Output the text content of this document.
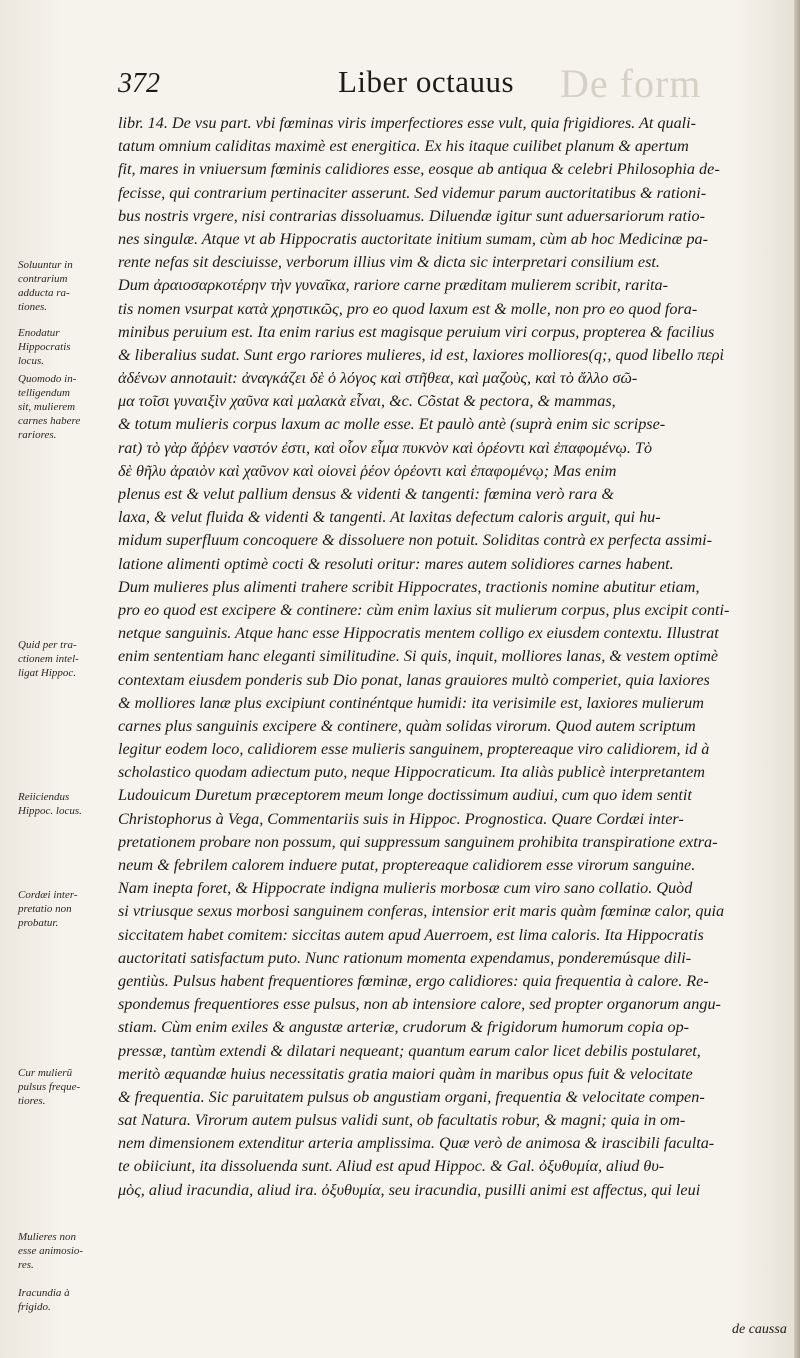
De form
372	Liber octauus
Soluuntur in
contrarium
adducta ra-
tiones.
Enodatur
Hippocratis
locus.
Quomodo in-
telligendum
sit, mulierem
carnes habere
rariores.
Quid per tra-
ctionem intel-
ligat Hippoc.
Reiiciendus
Hippoc. locus.
Cordæi inter-
pretatio non
probatur.
Cur mulierũ
pulsus freque-
tiores.
Mulieres non
esse animosio-
res.
Iracundia à
frigido.
libr. 14. De vsu part. vbi fœminas viris imperfectiores esse vult, quia frigidiores. At quali-
tatum omnium caliditas maximè est energitica. Ex his itaque cuilibet planum & apertum
fit, mares in vniuersum fœminis calidiores esse, eosque ab antiqua & celebri Philosophia de-
fecisse, qui contrarium pertinaciter asserunt. Sed videmur parum auctoritatibus & rationi-
bus nostris vrgere, nisi contrarias dissoluamus. Diluendæ igitur sunt aduersariorum ratio-
nes singulæ. Atque vt ab Hippocratis auctoritate initium sumam, cùm ab hoc Medicinæ pa-
rente nefas sit desciuisse, verborum illius vim & dicta sic interpretari consilium est.
Dum ἀραιοσαρκοτέρην τὴν γυναῖκα, rariore carne præditam mulierem scribit, rarita-
tis nomen vsurpat κατὰ χρηστικῶς, pro eo quod laxum est & molle, non pro eo quod fora-
minibus peruium est. Ita enim rarius est magisque peruium viri corpus, propterea & facilius
& liberalius sudat. Sunt ergo rariores mulieres, id est, laxiores molliores(q;, quod libello περὶ
ἀδένων annotauit: ἀναγκάζει δὲ ὁ λόγος καὶ στῆθεα, καὶ μαζοὺς, καὶ τὸ ἄλλο σῶ-
μα τοῖσι γυναιξὶν χαῦνα καὶ μαλακὰ εἶναι, &c. Cõstat & pectora, & mammas,
& totum mulieris corpus laxum ac molle esse. Et paulò antè (suprà enim sic scripse-
rat) τὸ γὰρ ἄῤῥεν ναστόν ἐστι, καὶ οἷον εἶμα πυκνὸν καὶ ὁρέοντι καὶ ἐπαφομένῳ. Τὸ
δὲ θῆλυ ἀραιὸν καὶ χαῦνον καὶ οἱονεὶ ῥέον ὁρέοντι καὶ ἐπαφομένῳ; Mas enim
plenus est & velut pallium densus & videnti & tangenti: fœmina verò rara &
laxa, & velut fluida & videnti & tangenti. At laxitas defectum caloris arguit, qui hu-
midum superfluum concoquere & dissoluere non potuit. Soliditas contrà ex perfecta assimi-
latione alimenti optimè cocti & resoluti oritur: mares autem solidiores carnes habent.
Dum mulieres plus alimenti trahere scribit Hippocrates, tractionis nomine abutitur etiam,
pro eo quod est excipere & continere: cùm enim laxius sit mulierum corpus, plus excipit conti-
netque sanguinis. Atque hanc esse Hippocratis mentem colligo ex eiusdem contextu. Illustrat
enim sententiam hanc eleganti similitudine. Si quis, inquit, molliores lanas, & vestem optimè
contextam eiusdem ponderis sub Dio ponat, lanas grauiores multò comperiet, quia laxiores
& molliores lanæ plus excipiunt continéntque humidi: ita verisimile est, laxiores mulierum
carnes plus sanguinis excipere & continere, quàm solidas virorum. Quod autem scriptum
legitur eodem loco, calidiorem esse mulieris sanguinem, proptereaque viro calidiorem, id à
scholastico quodam adiectum puto, neque Hippocraticum. Ita aliàs publicè interpretantem
Ludouicum Duretum præceptorem meum longe doctissimum audiui, cum quo idem sentit
Christophorus à Vega, Commentariis suis in Hippoc. Prognostica. Quare Cordæi inter-
pretationem probare non possum, qui suppressum sanguinem prohibita transpiratione extra-
neum & febrilem calorem induere putat, proptereaque calidiorem esse virorum sanguine.
Nam inepta foret, & Hippocrate indigna mulieris morbosæ cum viro sano collatio. Quòd
si vtriusque sexus morbosi sanguinem conferas, intensior erit maris quàm fœminæ calor, quia
siccitatem habet comitem: siccitas autem apud Auerroem, est lima caloris. Ita Hippocratis
auctoritati satisfactum puto. Nunc rationum momenta expendamus, ponderemúsque dili-
gentiùs. Pulsus habent frequentiores fœminæ, ergo calidiores: quia frequentia à calore. Re-
spondemus frequentiores esse pulsus, non ab intensiore calore, sed propter organorum angu-
stiam. Cùm enim exiles & angustæ arteriæ, crudorum & frigidorum humorum copia op-
pressæ, tantùm extendi & dilatari nequeant; quantum earum calor licet debilis postularet,
meritò æquandæ huius necessitatis gratia maiori quàm in maribus opus fuit & velocitate
& frequentia. Sic paruitatem pulsus ob angustiam organi, frequentia & velocitate compen-
sat Natura. Virorum autem pulsus validi sunt, ob facultatis robur, & magni; quia in om-
nem dimensionem extenditur arteria amplissima. Quæ verò de animosa & irascibili faculta-
te obiiciunt, ita dissoluenda sunt. Aliud est apud Hippoc. & Gal. ὀξυθυμία, aliud θυ-
μὸς, aliud iracundia, aliud ira. ὀξυθυμία, seu iracundia, pusilli animi est affectus, qui leui
de caussa
